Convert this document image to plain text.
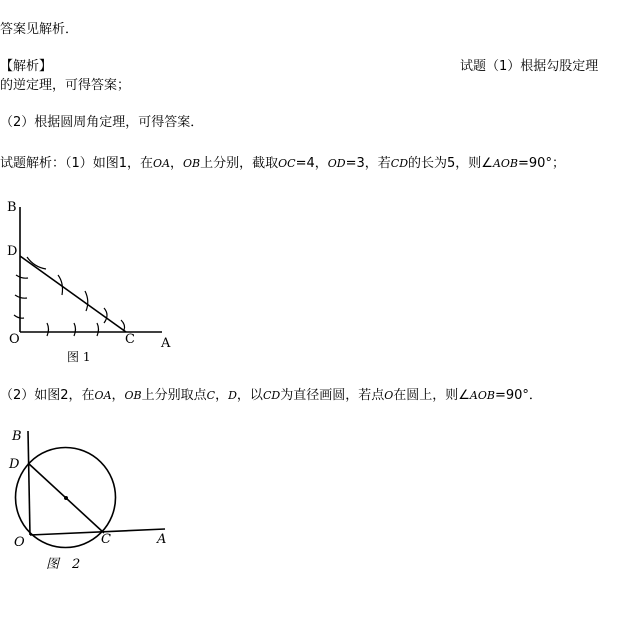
答案见解析．
【解析】	试题（1）根据勾股定理
的逆定理，可得答案；
（2）根据圆周角定理，可得答案．
试题解析：（1）如图1，在OA，OB上分别，截取OC=4，OD=3，若CD的长为5，则∠AOB=90°；
B
D
O	C A
图 1
（2）如图2，在OA，OB上分别取点C，D，以CD为直径画圆，若点O在圆上，则∠AOB=90°．
B
D
O	C	A
图　2
